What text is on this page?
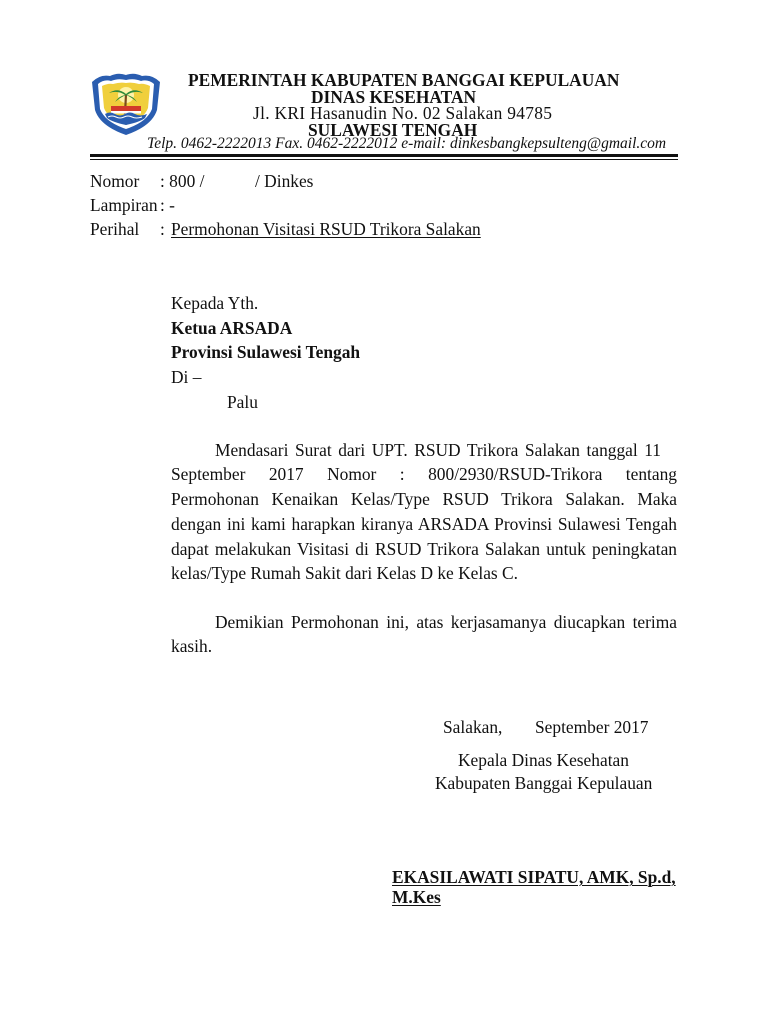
PEMERINTAH KABUPATEN BANGGAI KEPULAUAN
DINAS KESEHATAN
Jl. KRI Hasanudin No. 02 Salakan 94785
SULAWESI TENGAH
Telp. 0462-2222013 Fax. 0462-2222012 e-mail: dinkesbangkepsulteng@gmail.com
Nomor : 800 /	/ Dinkes
Lampiran : -
Perihal : Permohonan Visitasi RSUD Trikora Salakan
Kepada Yth.
Ketua ARSADA
Provinsi Sulawesi Tengah
Di –
Palu
Mendasari Surat dari UPT. RSUD Trikora Salakan tanggal 11
September 2017 Nomor : 800/2930/RSUD-Trikora tentang
Permohonan Kenaikan Kelas/Type RSUD Trikora Salakan. Maka
dengan ini kami harapkan kiranya ARSADA Provinsi Sulawesi Tengah
dapat melakukan Visitasi di RSUD Trikora Salakan untuk peningkatan
kelas/Type Rumah Sakit dari Kelas D ke Kelas C.
Demikian Permohonan ini, atas kerjasamanya diucapkan terima
kasih.
Salakan, September 2017
Kepala Dinas Kesehatan
Kabupaten Banggai Kepulauan
EKASILAWATI SIPATU, AMK, Sp.d,
M.Kes
